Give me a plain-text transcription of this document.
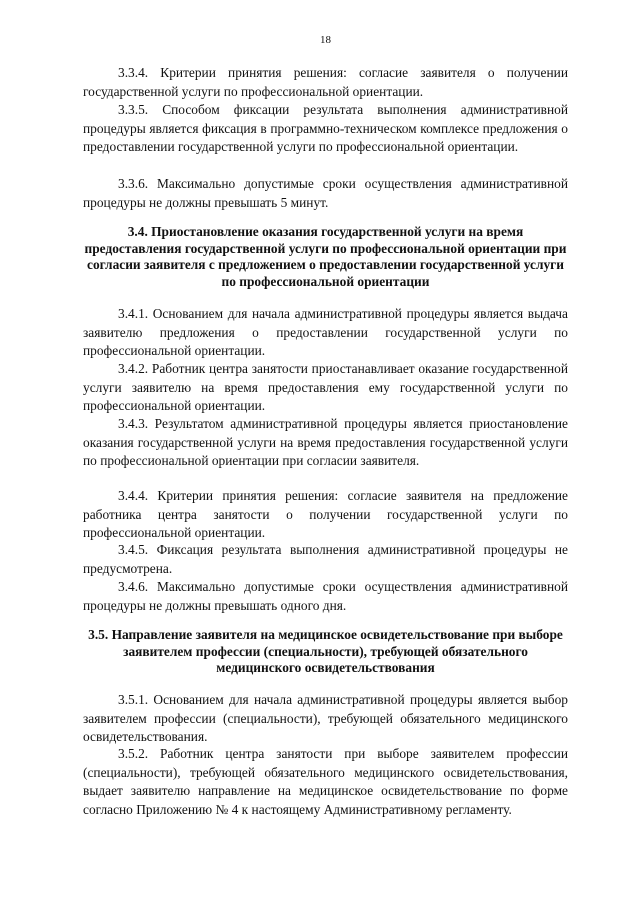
18
3.3.4. Критерии принятия решения: согласие заявителя о получении государственной услуги по профессиональной ориентации.
3.3.5. Способом фиксации результата выполнения административной процедуры является фиксация в программно-техническом комплексе предложения о предоставлении государственной услуги по профессиональной ориентации.
3.3.6. Максимально допустимые сроки осуществления административной процедуры не должны превышать 5 минут.
3.4. Приостановление оказания государственной услуги на время предоставления государственной услуги по профессиональной ориентации при согласии заявителя с предложением о предоставлении государственной услуги по профессиональной ориентации
3.4.1. Основанием для начала административной процедуры является выдача заявителю предложения о предоставлении государственной услуги по профессиональной ориентации.
3.4.2. Работник центра занятости приостанавливает оказание государственной услуги заявителю на время предоставления ему государственной услуги по профессиональной ориентации.
3.4.3. Результатом административной процедуры является приостановление оказания государственной услуги на время предоставления государственной услуги по профессиональной ориентации при согласии заявителя.
3.4.4. Критерии принятия решения: согласие заявителя на предложение работника центра занятости о получении государственной услуги по профессиональной ориентации.
3.4.5. Фиксация результата выполнения административной процедуры не предусмотрена.
3.4.6. Максимально допустимые сроки осуществления административной процедуры не должны превышать одного дня.
3.5. Направление заявителя на медицинское освидетельствование при выборе заявителем профессии (специальности), требующей обязательного медицинского освидетельствования
3.5.1. Основанием для начала административной процедуры является выбор заявителем профессии (специальности), требующей обязательного медицинского освидетельствования.
3.5.2. Работник центра занятости при выборе заявителем профессии (специальности), требующей обязательного медицинского освидетельствования, выдает заявителю направление на медицинское освидетельствование по форме согласно Приложению № 4 к настоящему Административному регламенту.
